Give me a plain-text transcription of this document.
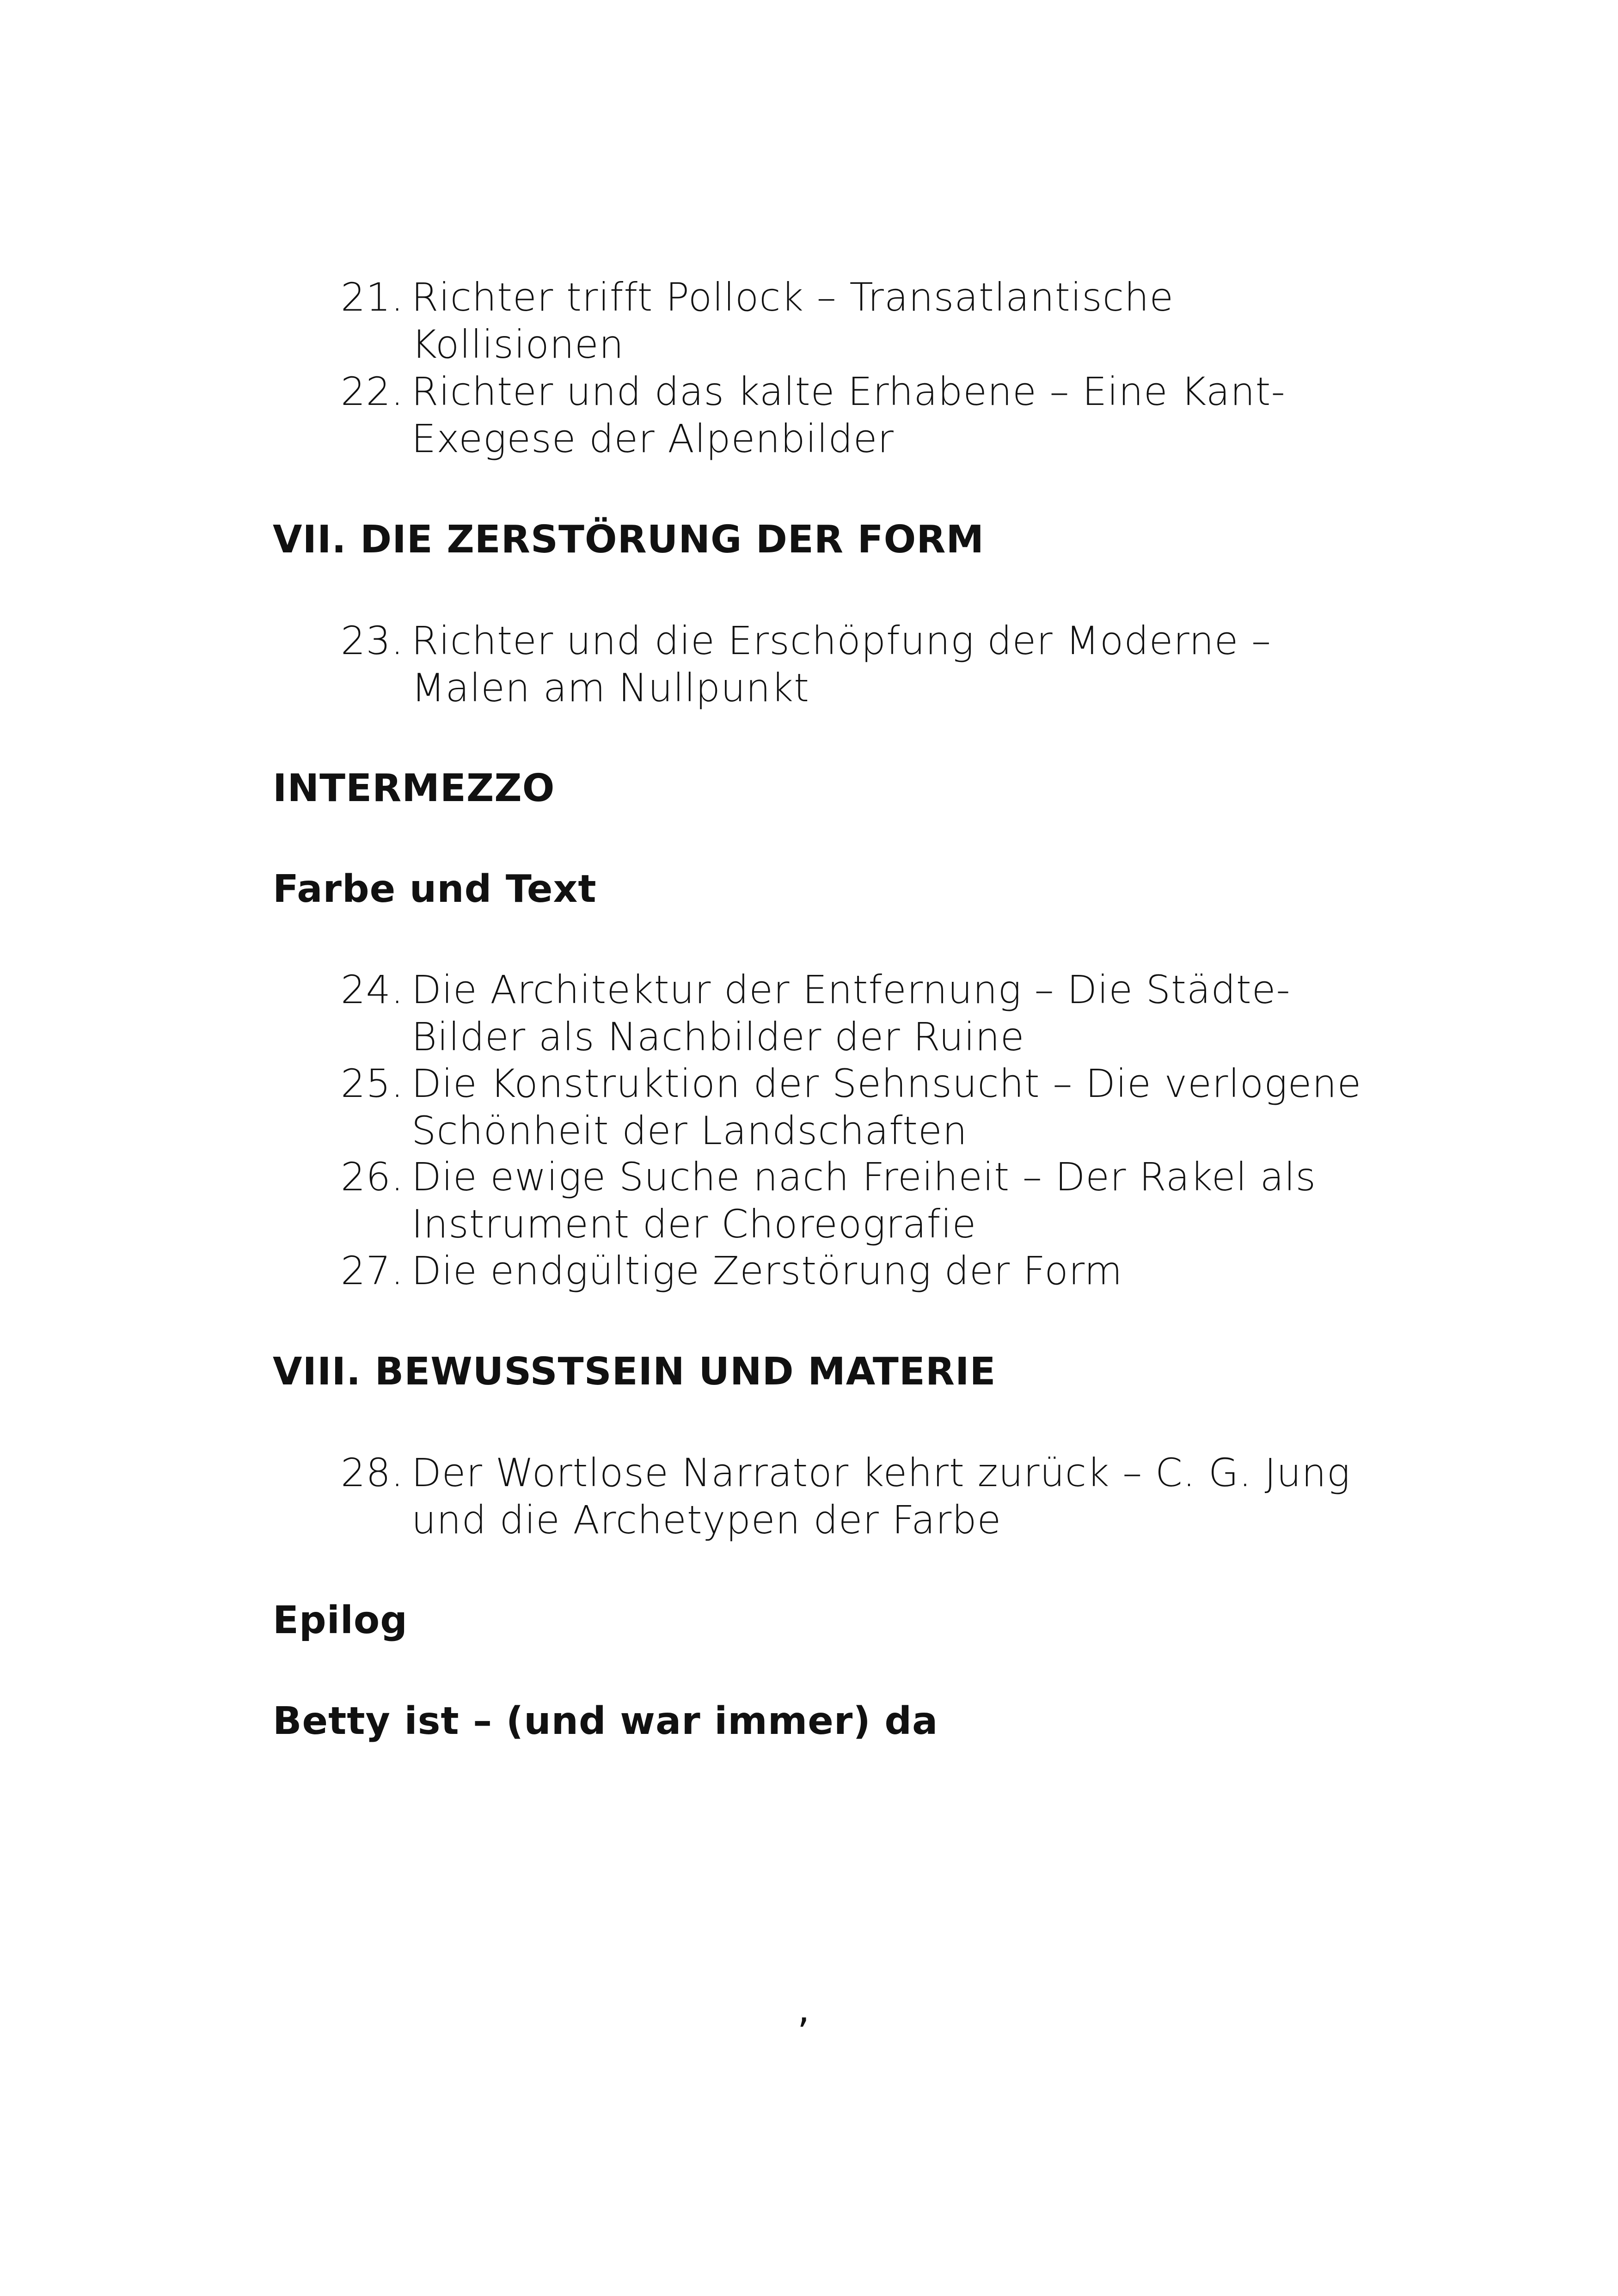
21. Richter trifft Pollock – Transatlantische
Kollisionen
22. Richter und das kalte Erhabene – Eine Kant-
Exegese der Alpenbilder
VII. DIE ZERSTÖRUNG DER FORM
23. Richter und die Erschöpfung der Moderne –
Malen am Nullpunkt
INTERMEZZO
Farbe und Text
24. Die Architektur der Entfernung – Die Städte-
Bilder als Nachbilder der Ruine
25. Die Konstruktion der Sehnsucht – Die verlogene
Schönheit der Landschaften
26. Die ewige Suche nach Freiheit – Der Rakel als
Instrument der Choreografie
27. Die endgültige Zerstörung der Form
VIII. BEWUSSTSEIN UND MATERIE
28. Der Wortlose Narrator kehrt zurück – C. G. Jung
und die Archetypen der Farbe
Epilog
Betty ist – (und war immer) da
,
